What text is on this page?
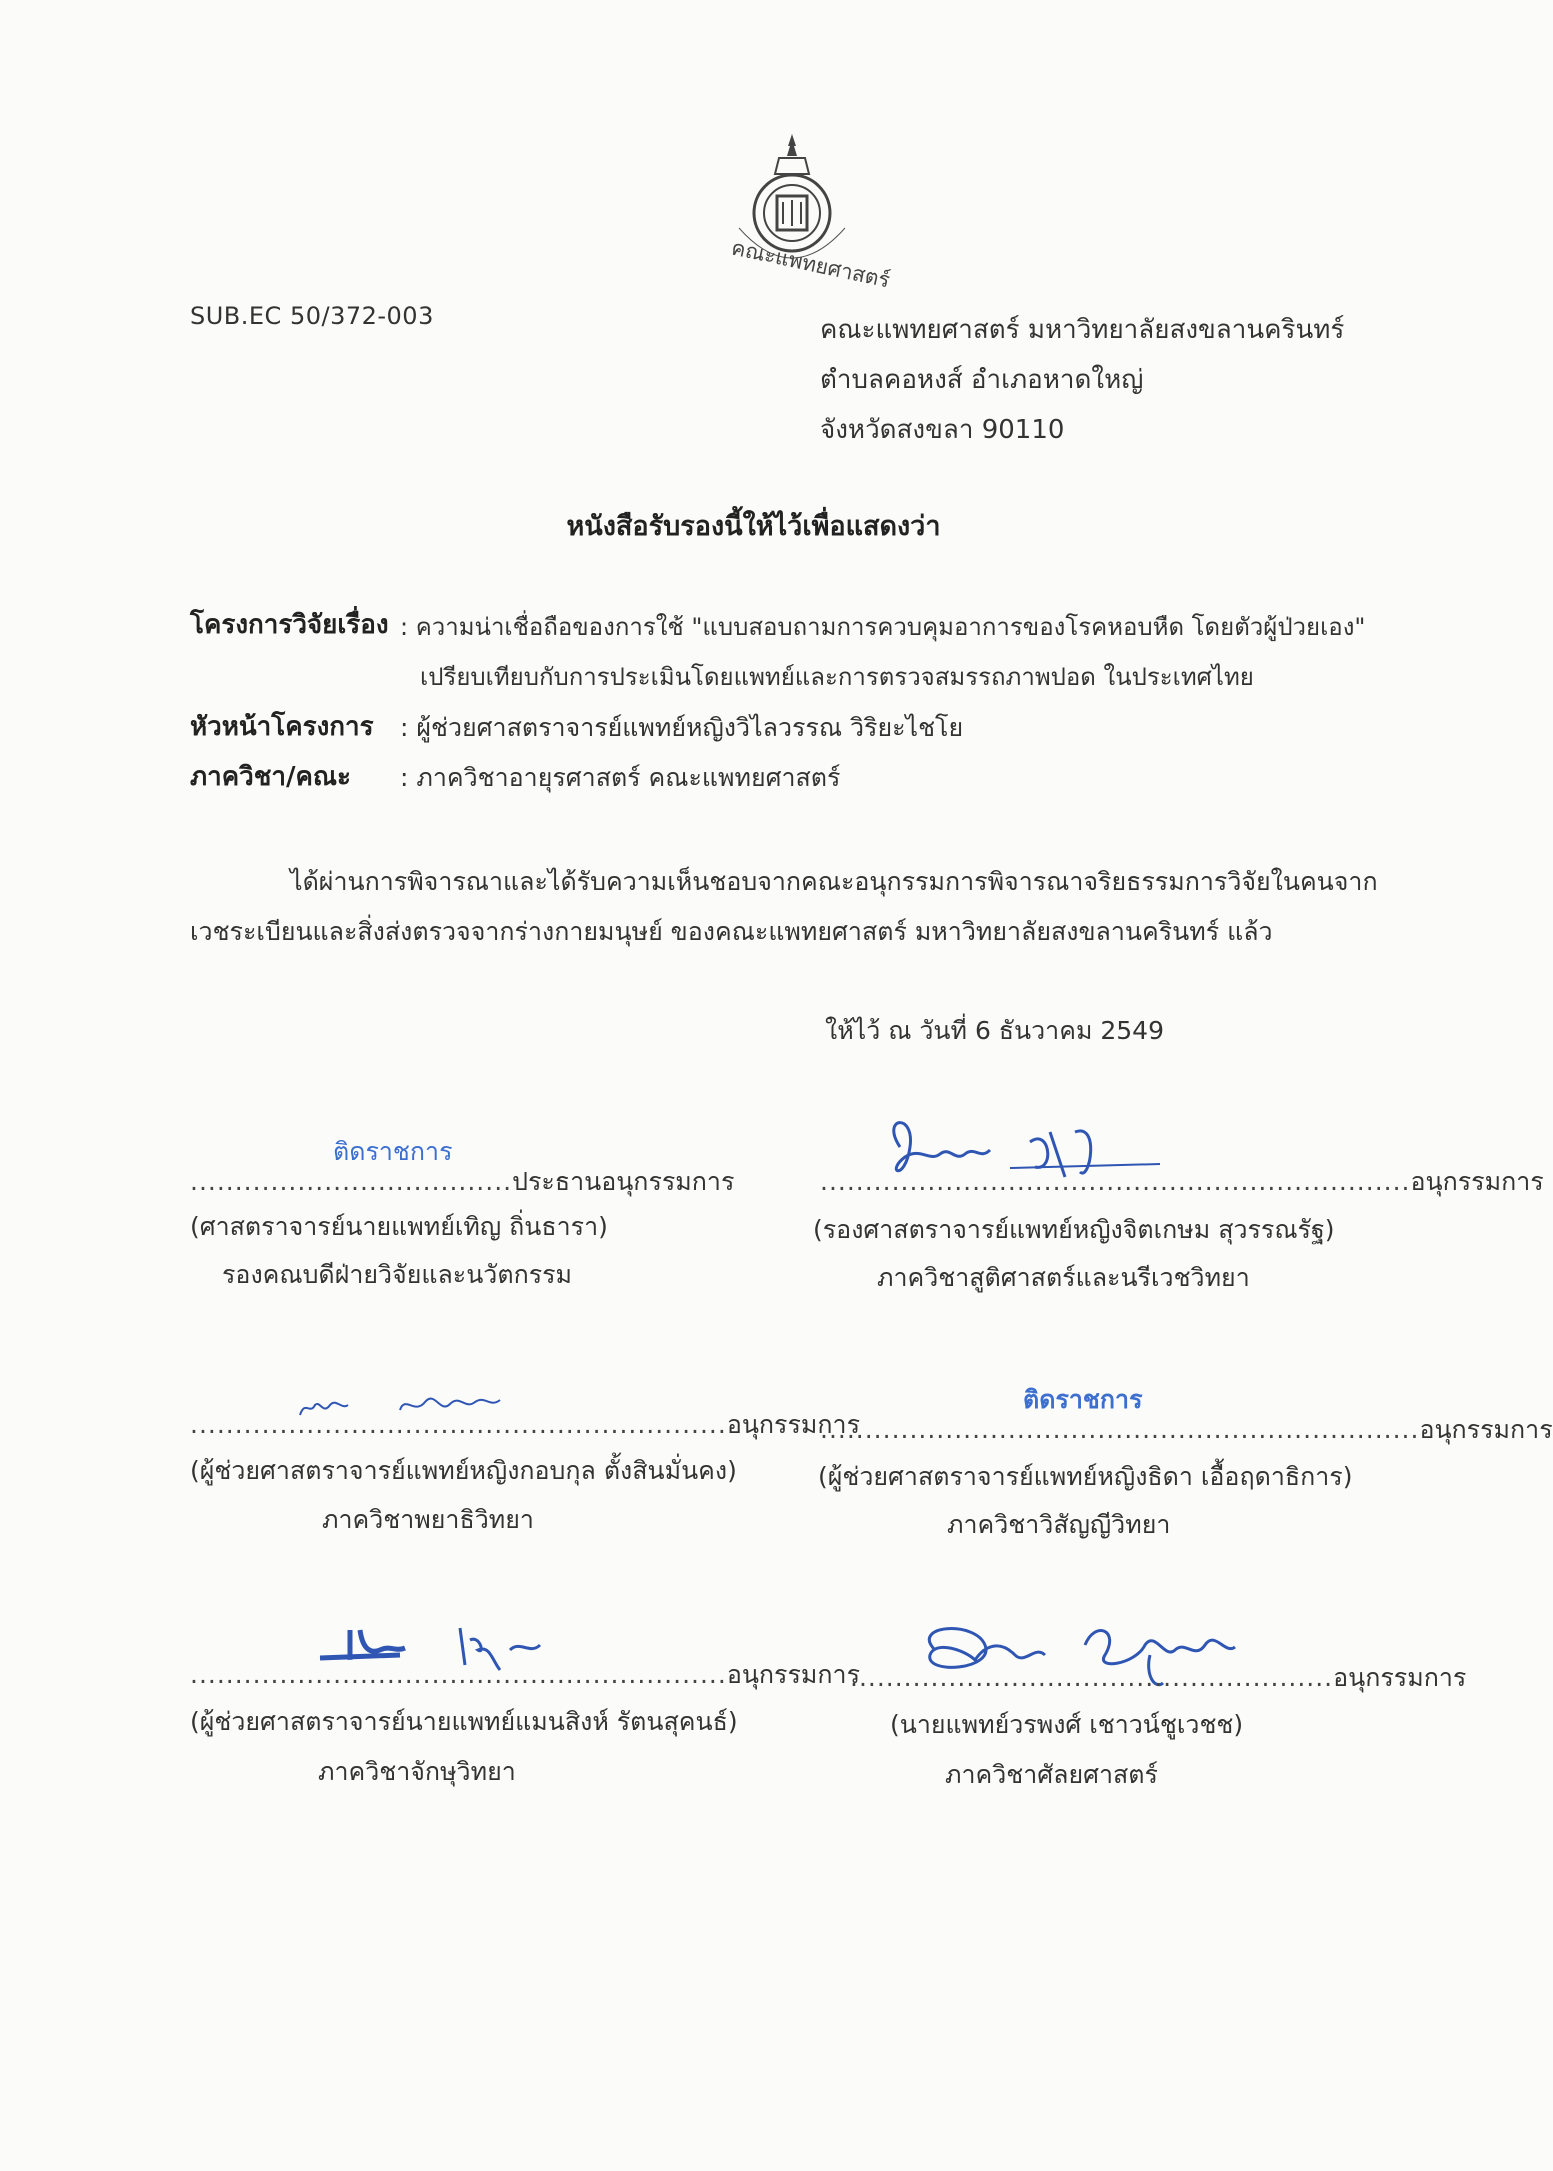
คณะแพทยศาสตร์
SUB.EC 50/372-003	คณะแพทยศาสตร์ มหาวิทยาลัยสงขลานครินทร์
ตำบลคอหงส์ อำเภอหาดใหญ่
จังหวัดสงขลา 90110
หนังสือรับรองนี้ให้ไว้เพื่อแสดงว่า
โครงการวิจัยเรื่อง : ความน่าเชื่อถือของการใช้ "แบบสอบถามการควบคุมอาการของโรคหอบหืด โดยตัวผู้ป่วยเอง"
เปรียบเทียบกับการประเมินโดยแพทย์และการตรวจสมรรถภาพปอด ในประเทศไทย
หัวหน้าโครงการ : ผู้ช่วยศาสตราจารย์แพทย์หญิงวิไลวรรณ วิริยะไชโย
ภาควิชา/คณะ : ภาควิชาอายุรศาสตร์ คณะแพทยศาสตร์
ได้ผ่านการพิจารณาและได้รับความเห็นชอบจากคณะอนุกรรมการพิจารณาจริยธรรมการวิจัยในคนจาก
เวชระเบียนและสิ่งส่งตรวจจากร่างกายมนุษย์ ของคณะแพทยศาสตร์ มหาวิทยาลัยสงขลานครินทร์ แล้ว
ให้ไว้ ณ วันที่ 6 ธันวาคม 2549
ติดราชการ
....................................ประธานอนุกรรมการ
(ศาสตราจารย์นายแพทย์เทิญ ถิ่นธารา)
รองคณบดีฝ่ายวิจัยและนวัตกรรม
..................................................................อนุกรรมการ
(รองศาสตราจารย์แพทย์หญิงจิตเกษม สุวรรณรัฐ)
ภาควิชาสูติศาสตร์และนรีเวชวิทยา
............................................................อนุกรรมการ
(ผู้ช่วยศาสตราจารย์แพทย์หญิงกอบกุล ตั้งสินมั่นคง)
ภาควิชาพยาธิวิทยา
ติดราชการ
...................................................................อนุกรรมการ
(ผู้ช่วยศาสตราจารย์แพทย์หญิงธิดา เอื้อฤดาธิการ)
ภาควิชาวิสัญญีวิทยา
............................................................อนุกรรมการ
(ผู้ช่วยศาสตราจารย์นายแพทย์แมนสิงห์ รัตนสุคนธ์)
ภาควิชาจักษุวิทยา
......................................................อนุกรรมการ
(นายแพทย์วรพงศ์ เชาวน์ชูเวชช)
ภาควิชาศัลยศาสตร์
